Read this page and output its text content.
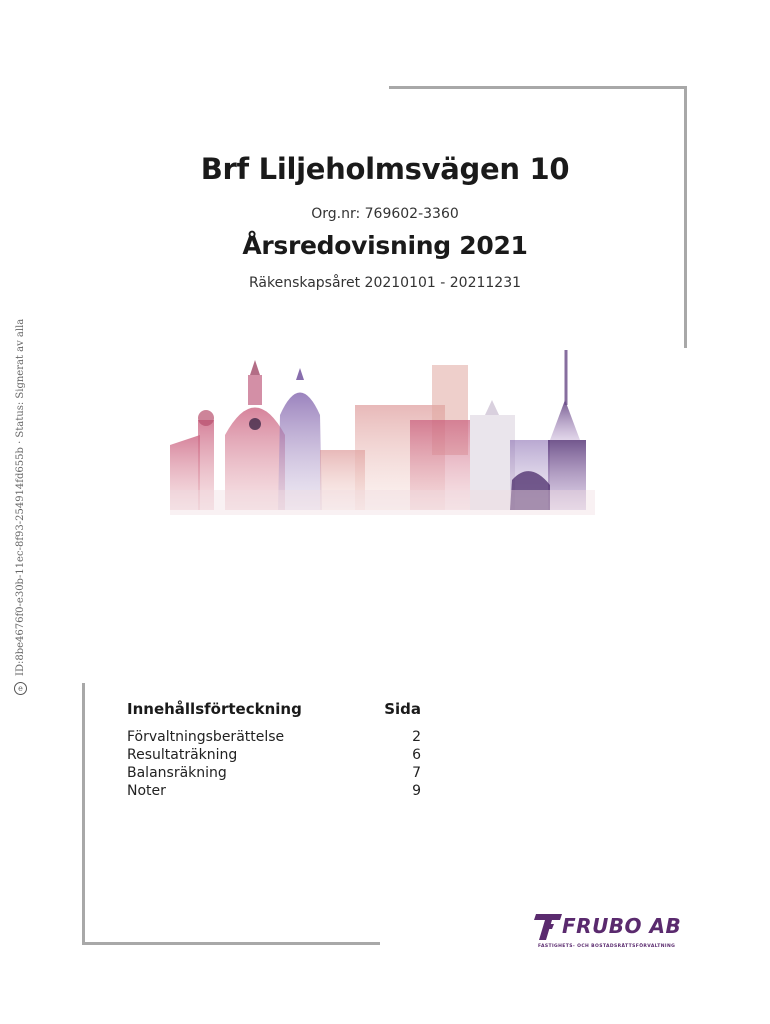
Brf Liljeholmsvägen 10
Org.nr: 769602-3360
Årsredovisning 2021
Räkenskapsåret 20210101 - 20211231
eID:8be4676f0-e30b-11ec-8f93-254914fd655b · Status: Signerat av alla
Innehållsförteckning	Sida
Förvaltningsberättelse	2
Resultaträkning	6
Balansräkning	7
Noter	9
FRUBO AB
FASTIGHETS- OCH BOSTADSRÄTTSFÖRVALTNING
